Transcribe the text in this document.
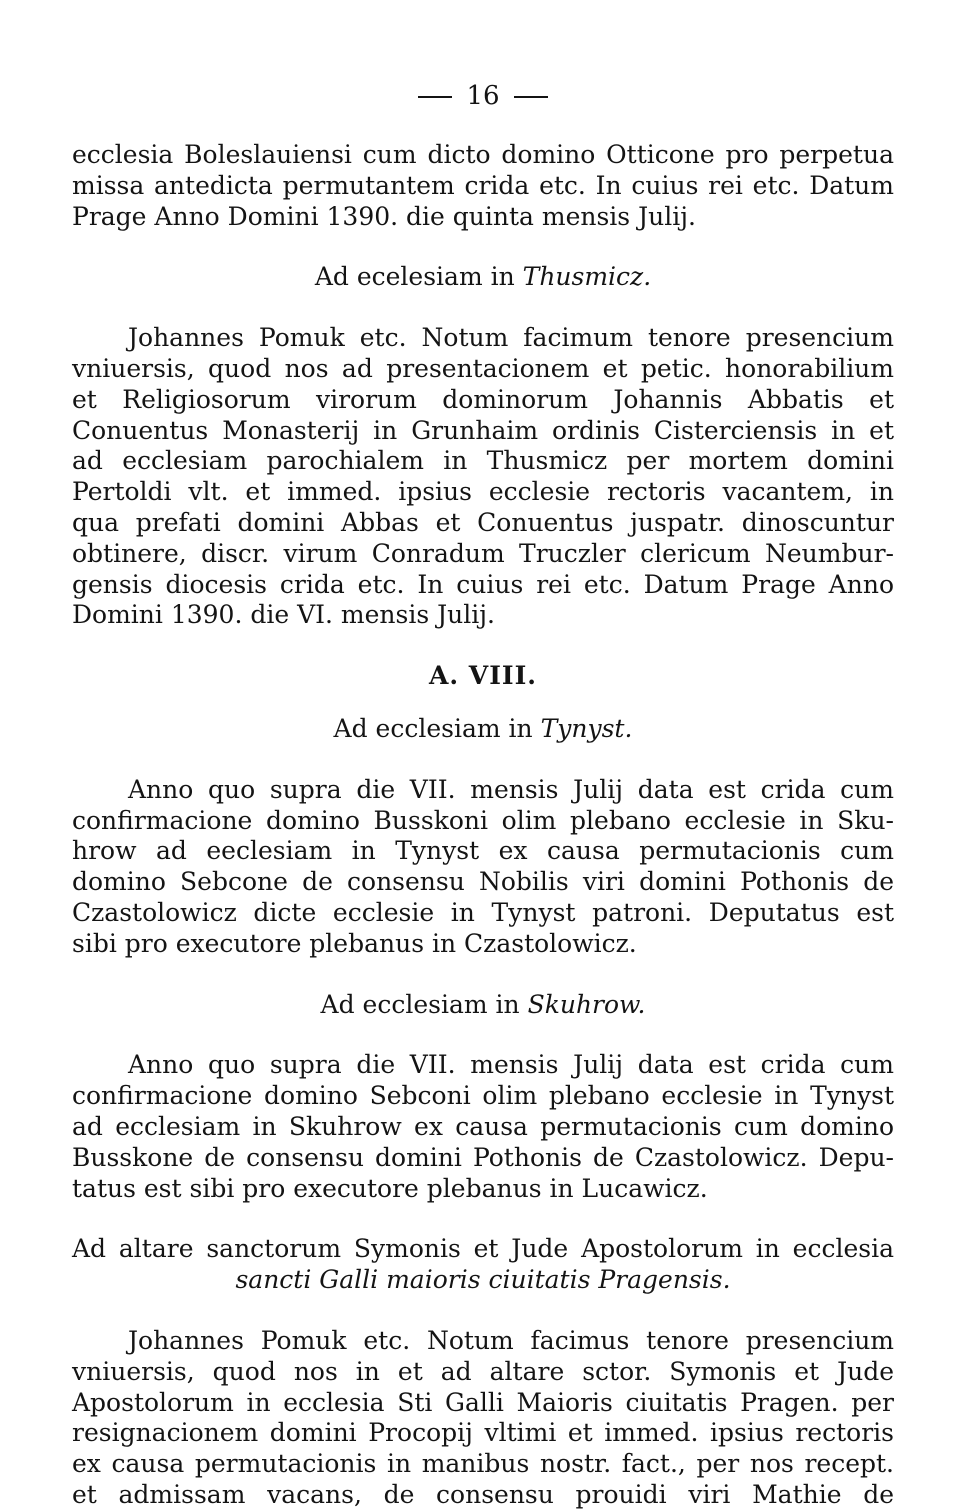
16

ecclesia Boleslauiensi cum dicto domino Otticone pro perpetua
missa antedicta permutantem crida etc. In cuius rei etc. Datum
Prage Anno Domini 1390. die quinta mensis Julij.

Ad ecelesiam in Thusmicz.

Johannes Pomuk etc. Notum facimum tenore presencium
vniuersis, quod nos ad presentacionem et petic. honorabilium
et Religiosorum virorum dominorum Johannis Abbatis et
Conuentus Monasterij in Grunhaim ordinis Cisterciensis in et
ad ecclesiam parochialem in Thusmicz per mortem domini
Pertoldi vlt. et immed. ipsius ecclesie rectoris vacantem, in
qua prefati domini Abbas et Conuentus juspatr. dinoscuntur
obtinere, discr. virum Conradum Truczler clericum Neumbur-
gensis diocesis crida etc. In cuius rei etc. Datum Prage Anno
Domini 1390. die VI. mensis Julij.

A. VIII.
Ad ecclesiam in Tynyst.

Anno quo supra die VII. mensis Julij data est crida cum
confirmacione domino Busskoni olim plebano ecclesie in Sku-
hrow ad eeclesiam in Tynyst ex causa permutacionis cum
domino Sebcone de consensu Nobilis viri domini Pothonis de
Czastolowicz dicte ecclesie in Tynyst patroni. Deputatus est
sibi pro executore plebanus in Czastolowicz.

Ad ecclesiam in Skuhrow.

Anno quo supra die VII. mensis Julij data est crida cum
confirmacione domino Sebconi olim plebano ecclesie in Tynyst
ad ecclesiam in Skuhrow ex causa permutacionis cum domino
Busskone de consensu domini Pothonis de Czastolowicz. Depu-
tatus est sibi pro executore plebanus in Lucawicz.

Ad altare sanctorum Symonis et Jude Apostolorum in ecclesia
sancti Galli maioris ciuitatis Pragensis.

Johannes Pomuk etc. Notum facimus tenore presencium
vniuersis, quod nos in et ad altare sctor. Symonis et Jude
Apostolorum in ecclesia Sti Galli Maioris ciuitatis Pragen. per
resignacionem domini Procopij vltimi et immed. ipsius rectoris
ex causa permutacionis in manibus nostr. fact., per nos recept.
et admissam vacans, de consensu prouidi viri Mathie de
